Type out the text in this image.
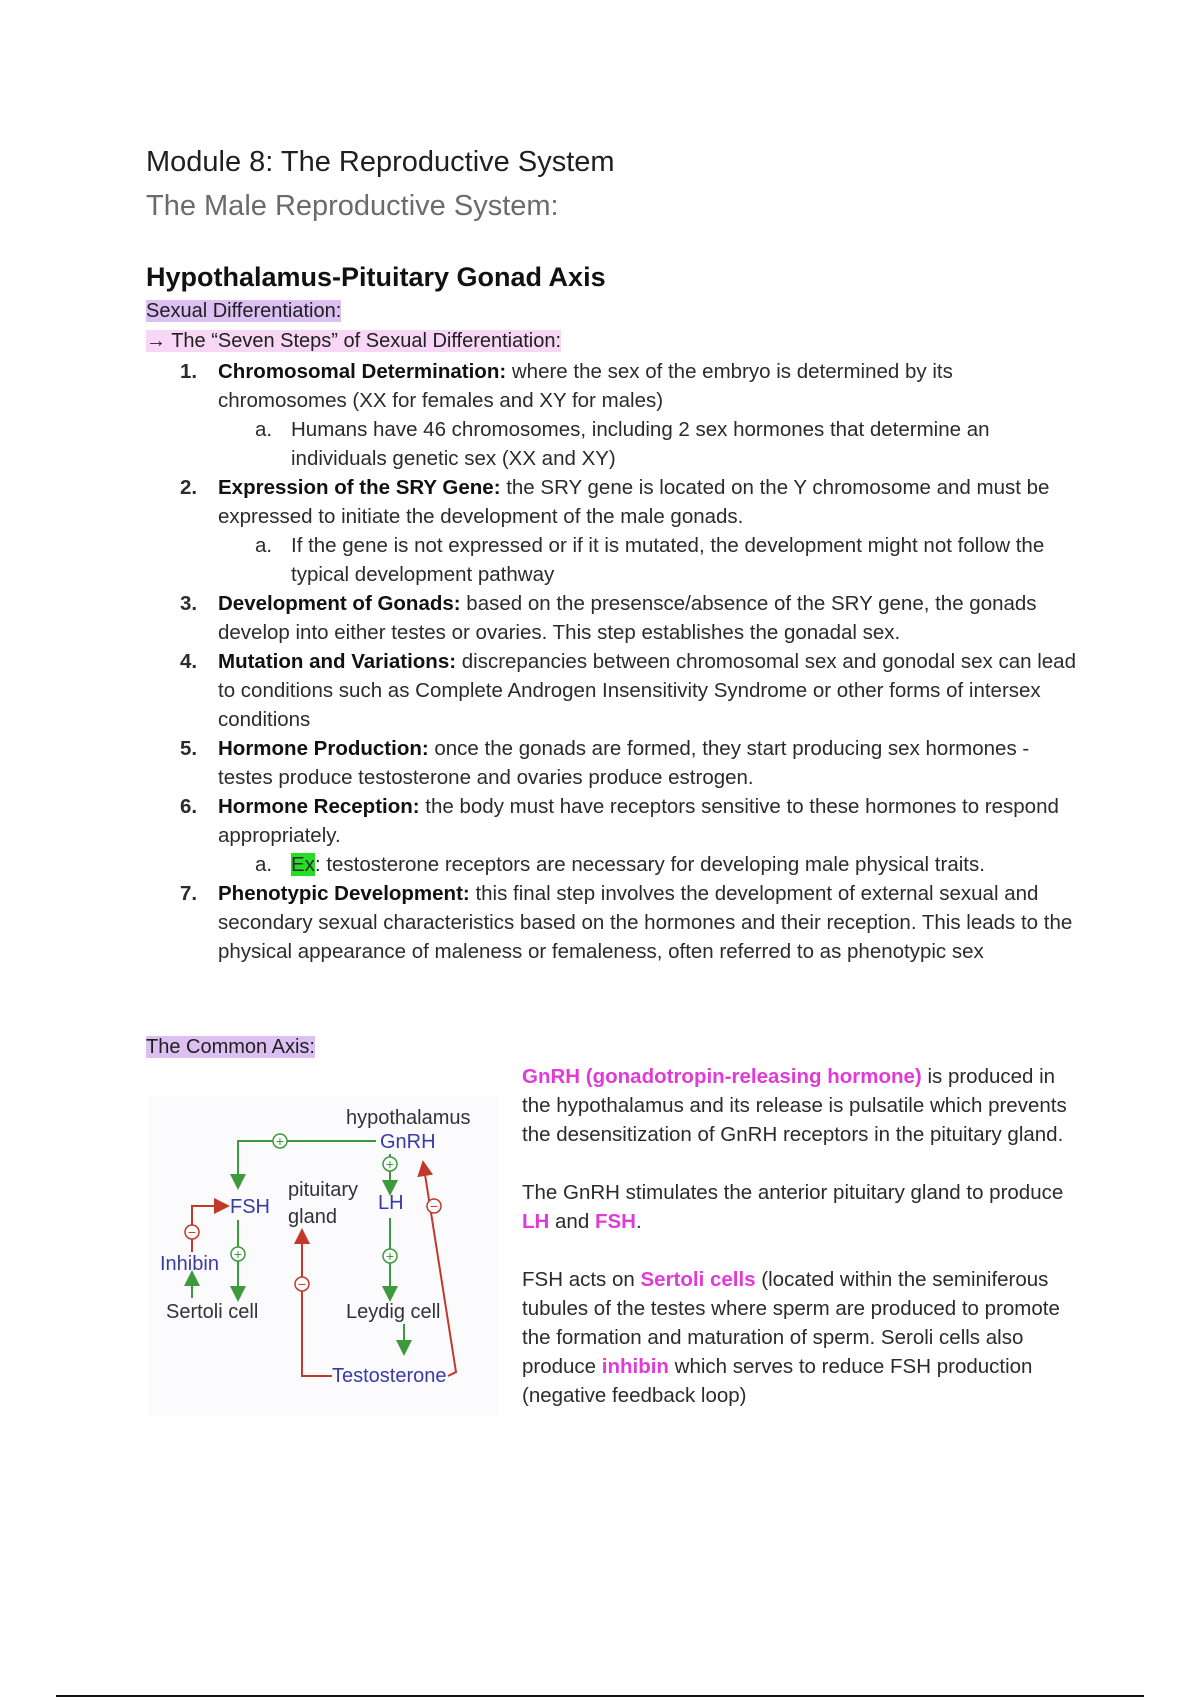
Module 8: The Reproductive System
The Male Reproductive System:
Hypothalamus-Pituitary Gonad Axis
Sexual Differentiation:
→ The “Seven Steps” of Sexual Differentiation:
1. Chromosomal Determination: where the sex of the embryo is determined by its chromosomes (XX for females and XY for males)
a. Humans have 46 chromosomes, including 2 sex hormones that determine an individuals genetic sex (XX and XY)
2. Expression of the SRY Gene: the SRY gene is located on the Y chromosome and must be expressed to initiate the development of the male gonads.
a. If the gene is not expressed or if it is mutated, the development might not follow the typical development pathway
3. Development of Gonads: based on the presensce/absence of the SRY gene, the gonads develop into either testes or ovaries. This step establishes the gonadal sex.
4. Mutation and Variations: discrepancies between chromosomal sex and gonodal sex can lead to conditions such as Complete Androgen Insensitivity Syndrome or other forms of intersex conditions
5. Hormone Production: once the gonads are formed, they start producing sex hormones - testes produce testosterone and ovaries produce estrogen.
6. Hormone Reception: the body must have receptors sensitive to these hormones to respond appropriately.
a. Ex: testosterone receptors are necessary for developing male physical traits.
7. Phenotypic Development: this final step involves the development of external sexual and secondary sexual characteristics based on the hormones and their reception. This leads to the physical appearance of maleness or femaleness, often referred to as phenotypic sex
The Common Axis:
hypothalamus
GnRH
pituitary
gland
FSH	LH
Inhibin
Sertoli cell	Leydig cell
Testosterone
+
+
+	+
−
−
−

GnRH (gonadotropin-releasing hormone) is produced in the hypothalamus and its release is pulsatile which prevents the desensitization of GnRH receptors in the pituitary gland.

The GnRH stimulates the anterior pituitary gland to produce LH and FSH.

FSH acts on Sertoli cells (located within the seminiferous tubules of the testes where sperm are produced to promote the formation and maturation of sperm. Seroli cells also produce inhibin which serves to reduce FSH production (negative feedback loop)
